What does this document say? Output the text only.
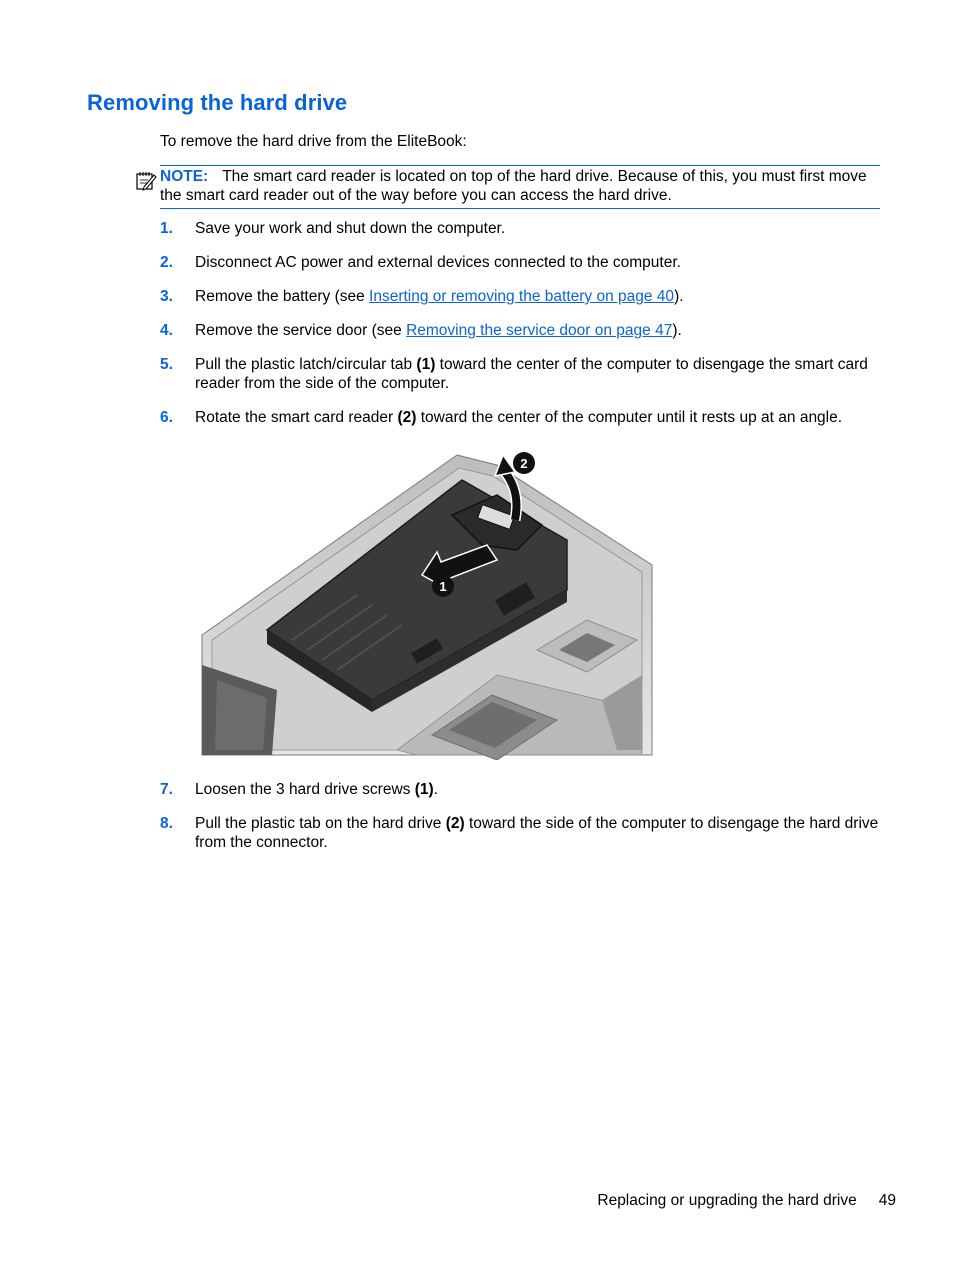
Removing the hard drive

To remove the hard drive from the EliteBook:

NOTE: The smart card reader is located on top of the hard drive. Because of this, you must first move the smart card reader out of the way before you can access the hard drive.
1. Save your work and shut down the computer.
2. Disconnect AC power and external devices connected to the computer.
3. Remove the battery (see Inserting or removing the battery on page 40).
4. Remove the service door (see Removing the service door on page 47).
5. Pull the plastic latch/circular tab (1) toward the center of the computer to disengage the smart card reader from the side of the computer.
6. Rotate the smart card reader (2) toward the center of the computer until it rests up at an angle.
1
2
7. Loosen the 3 hard drive screws (1).
8. Pull the plastic tab on the hard drive (2) toward the side of the computer to disengage the hard drive from the connector.
Replacing or upgrading the hard drive 49
